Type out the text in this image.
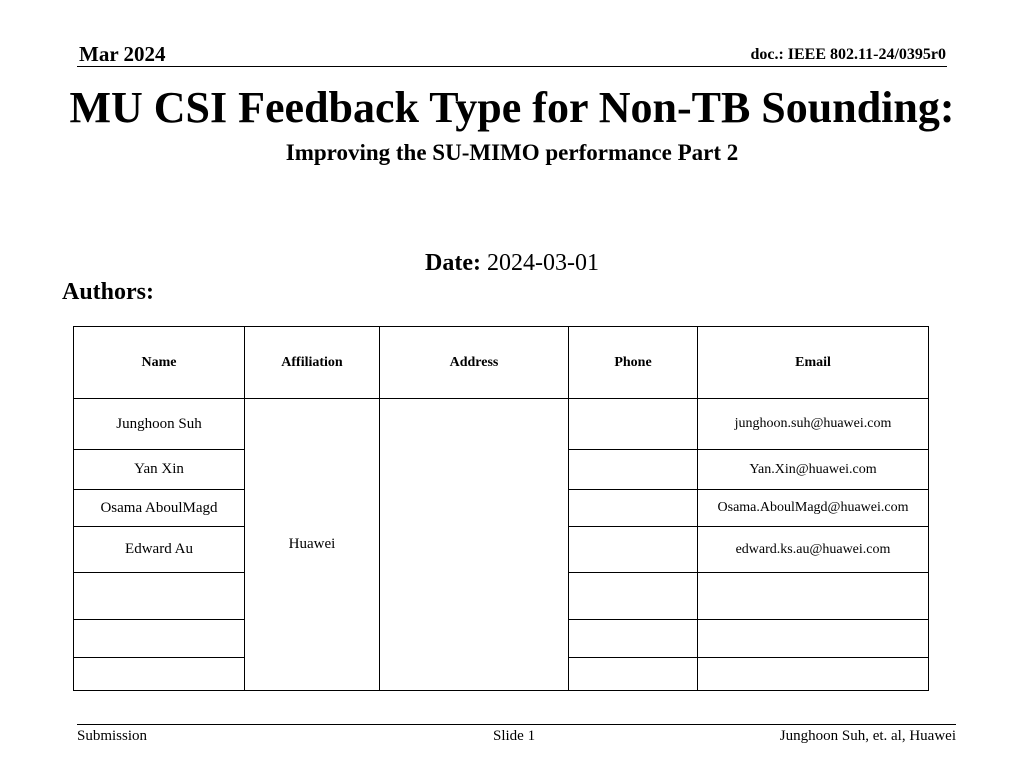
Mar 2024	doc.: IEEE 802.11-24/0395r0
MU CSI Feedback Type for Non-TB Sounding:
Improving the SU-MIMO performance Part 2
Date: 2024-03-01
Authors:
Name	Affiliation	Address	Phone	Email
Junghoon Suh	Huawei			junghoon.suh@huawei.com
Yan Xin				Yan.Xin@huawei.com
Osama AboulMagd				Osama.AboulMagd@huawei.com
Edward Au				edward.ks.au@huawei.com

Submission	Slide 1	Junghoon Suh, et. al, Huawei
